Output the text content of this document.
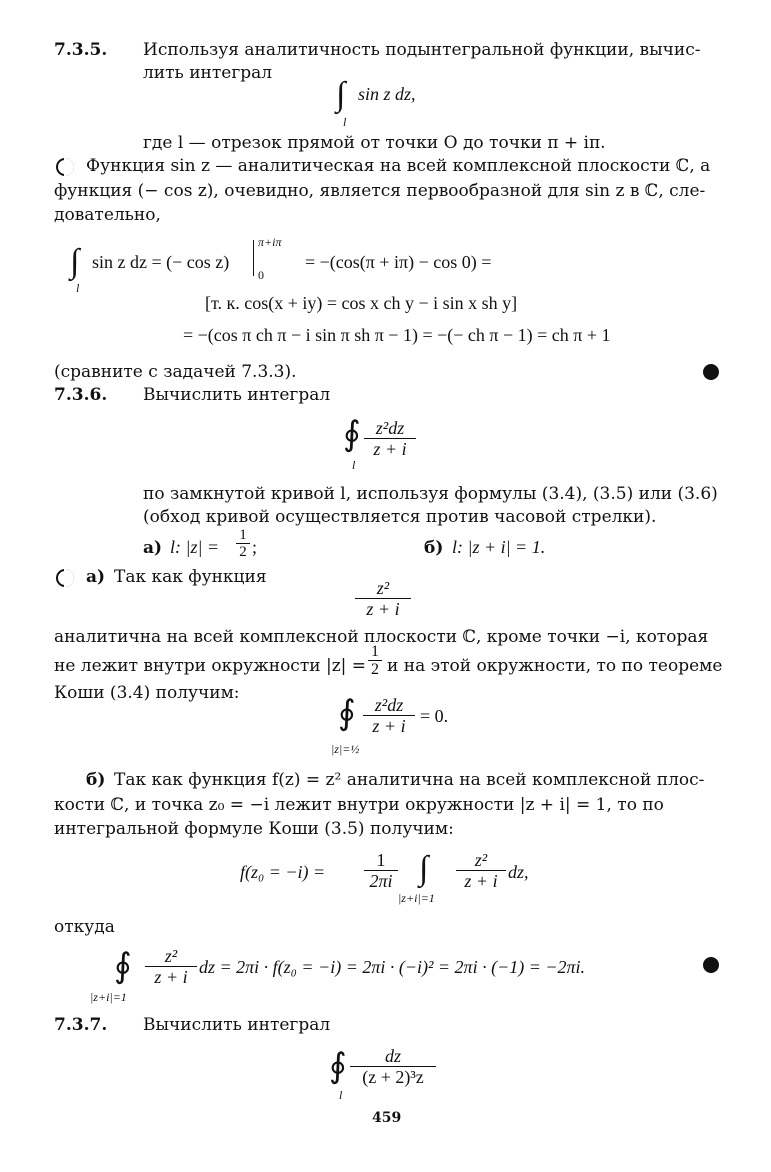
7.3.5. Используя аналитичность подынтегральной функции, вычис-
лить интеграл
∫ sin z dz,
l
где l — отрезок прямой от точки O до точки π + iπ.
Функция sin z — аналитическая на всей комплексной плоскости ℂ, а
функция (− cos z), очевидно, является первообразной для sin z в ℂ, сле-
довательно,
∫ sin z dz = (− cos z)
π+iπ
0
= −(cos(π + iπ) − cos 0) =
l
[т. к. cos(x + iy) = cos x ch y − i sin x sh y]
= −(cos π ch π − i sin π sh π − 1) = −(− ch π − 1) = ch π + 1
(сравните с задачей 7.3.3).
7.3.6. Вычислить интеграл
∮ $\frac{\text{z²dz}}{z + i}$
l
по замкнутой кривой l, используя формулы (3.4), (3.5) или (3.6)
(обход кривой осуществляется против часовой стрелки).
а) l: $|z| = \frac{1}{2}$ ;	б) l: |z + i| = 1.
а) Так как функция
$\frac{\text{z²}}{z + i}$
аналитична на всей комплексной плоскости ℂ, кроме точки −i, которая
не лежит внутри окружности $|z| = \frac{1}{2}$ и на этой окружности, то по теореме
Коши (3.4) получим:
∮ $\frac{\text{z²dz}}{z + i} = 0$.
|z|=½
б) Так как функция f(z) = z² аналитична на всей комплексной плос-
кости ℂ, и точка z₀ = −i лежит внутри окружности |z + i| = 1, то по
интегральной формуле Коши (3.5) получим:
$f(z_0 = -i) = \frac{1}{2\pi i}$ ∫ $\frac{\text{z²}}{z + i}$ dz,
|z+i|=1
откуда
∮ $\frac{\text{z²}}{z + i}$ dz = 2πi · f(z₀ = −i) = 2πi · (−i)² = 2πi · (−1) = −2πi.
|z+i|=1
7.3.7. Вычислить интеграл
∮ $\frac{dz}{\text{(z + 2)³z}}$
l
459
